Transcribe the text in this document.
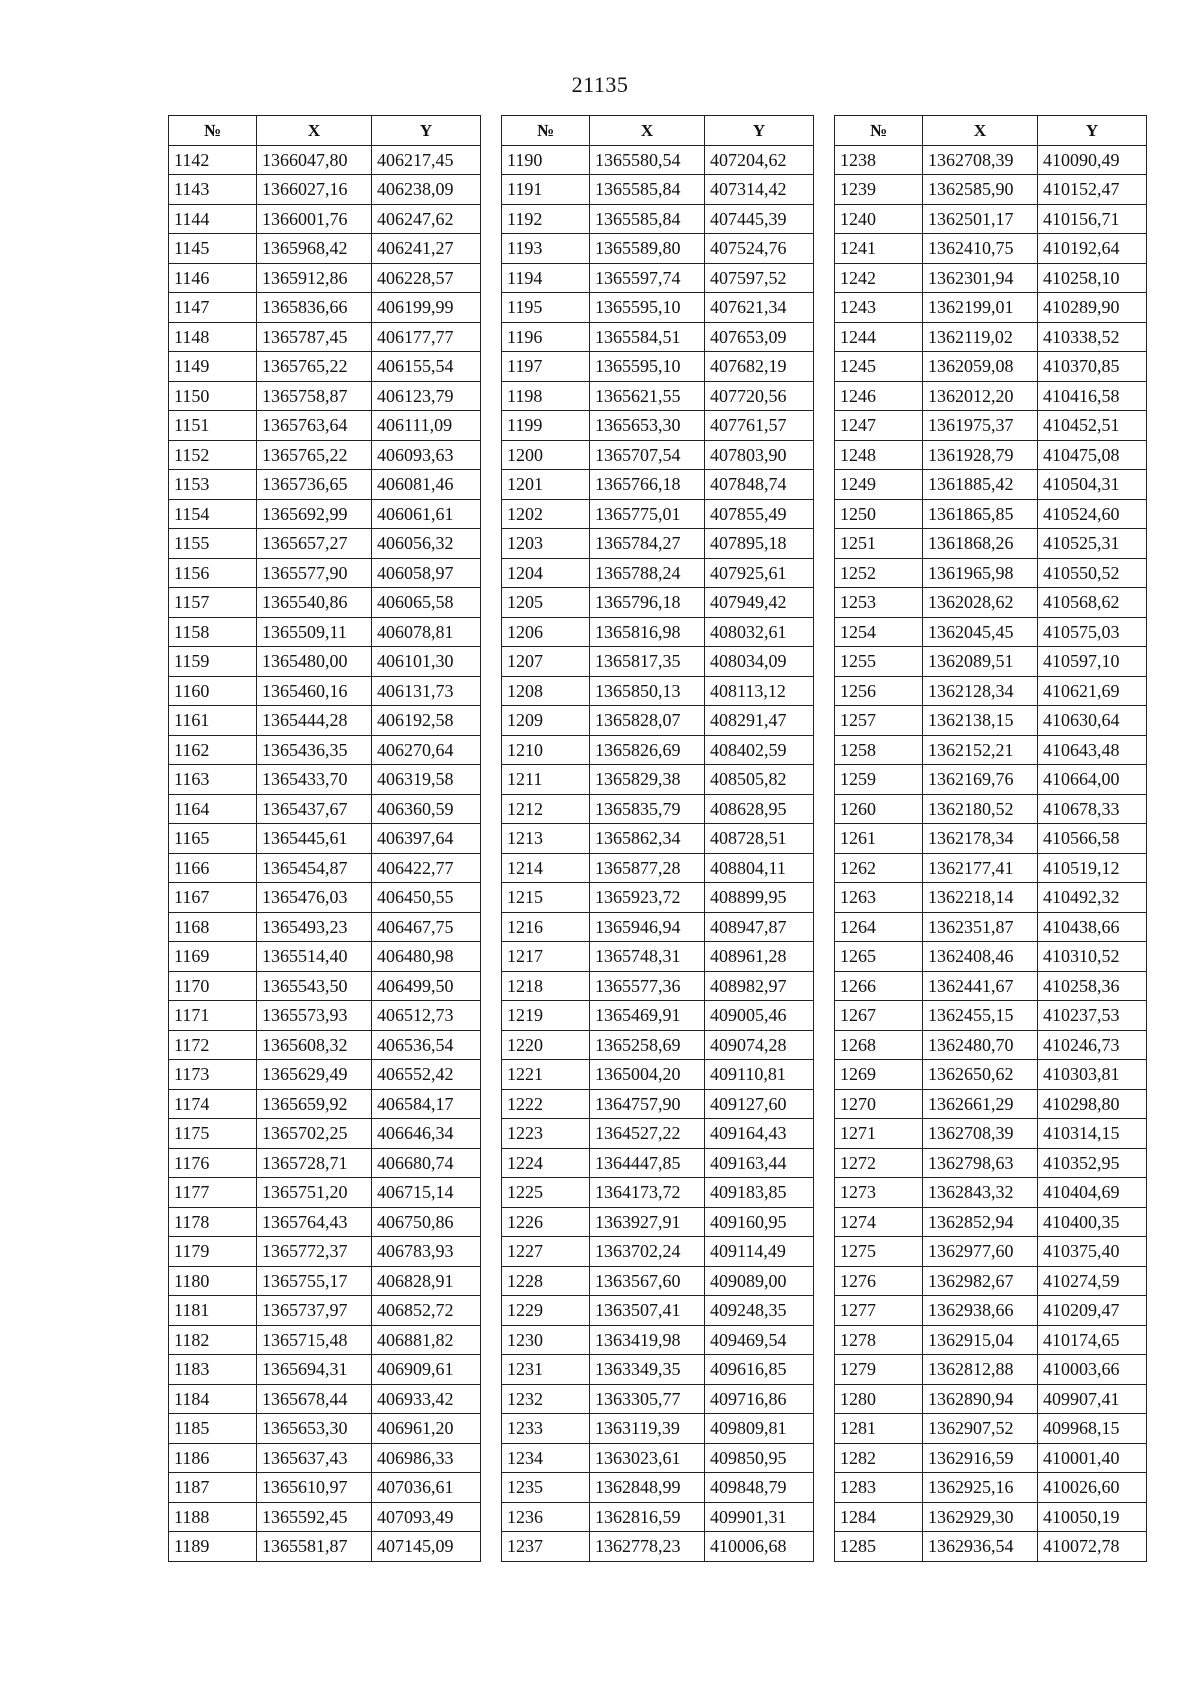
21135
№	X	Y
1142	1366047,80	406217,45
1143	1366027,16	406238,09
1144	1366001,76	406247,62
1145	1365968,42	406241,27
1146	1365912,86	406228,57
1147	1365836,66	406199,99
1148	1365787,45	406177,77
1149	1365765,22	406155,54
1150	1365758,87	406123,79
1151	1365763,64	406111,09
1152	1365765,22	406093,63
1153	1365736,65	406081,46
1154	1365692,99	406061,61
1155	1365657,27	406056,32
1156	1365577,90	406058,97
1157	1365540,86	406065,58
1158	1365509,11	406078,81
1159	1365480,00	406101,30
1160	1365460,16	406131,73
1161	1365444,28	406192,58
1162	1365436,35	406270,64
1163	1365433,70	406319,58
1164	1365437,67	406360,59
1165	1365445,61	406397,64
1166	1365454,87	406422,77
1167	1365476,03	406450,55
1168	1365493,23	406467,75
1169	1365514,40	406480,98
1170	1365543,50	406499,50
1171	1365573,93	406512,73
1172	1365608,32	406536,54
1173	1365629,49	406552,42
1174	1365659,92	406584,17
1175	1365702,25	406646,34
1176	1365728,71	406680,74
1177	1365751,20	406715,14
1178	1365764,43	406750,86
1179	1365772,37	406783,93
1180	1365755,17	406828,91
1181	1365737,97	406852,72
1182	1365715,48	406881,82
1183	1365694,31	406909,61
1184	1365678,44	406933,42
1185	1365653,30	406961,20
1186	1365637,43	406986,33
1187	1365610,97	407036,61
1188	1365592,45	407093,49
1189	1365581,87	407145,09
№	X	Y
1190	1365580,54	407204,62
1191	1365585,84	407314,42
1192	1365585,84	407445,39
1193	1365589,80	407524,76
1194	1365597,74	407597,52
1195	1365595,10	407621,34
1196	1365584,51	407653,09
1197	1365595,10	407682,19
1198	1365621,55	407720,56
1199	1365653,30	407761,57
1200	1365707,54	407803,90
1201	1365766,18	407848,74
1202	1365775,01	407855,49
1203	1365784,27	407895,18
1204	1365788,24	407925,61
1205	1365796,18	407949,42
1206	1365816,98	408032,61
1207	1365817,35	408034,09
1208	1365850,13	408113,12
1209	1365828,07	408291,47
1210	1365826,69	408402,59
1211	1365829,38	408505,82
1212	1365835,79	408628,95
1213	1365862,34	408728,51
1214	1365877,28	408804,11
1215	1365923,72	408899,95
1216	1365946,94	408947,87
1217	1365748,31	408961,28
1218	1365577,36	408982,97
1219	1365469,91	409005,46
1220	1365258,69	409074,28
1221	1365004,20	409110,81
1222	1364757,90	409127,60
1223	1364527,22	409164,43
1224	1364447,85	409163,44
1225	1364173,72	409183,85
1226	1363927,91	409160,95
1227	1363702,24	409114,49
1228	1363567,60	409089,00
1229	1363507,41	409248,35
1230	1363419,98	409469,54
1231	1363349,35	409616,85
1232	1363305,77	409716,86
1233	1363119,39	409809,81
1234	1363023,61	409850,95
1235	1362848,99	409848,79
1236	1362816,59	409901,31
1237	1362778,23	410006,68
№	X	Y
1238	1362708,39	410090,49
1239	1362585,90	410152,47
1240	1362501,17	410156,71
1241	1362410,75	410192,64
1242	1362301,94	410258,10
1243	1362199,01	410289,90
1244	1362119,02	410338,52
1245	1362059,08	410370,85
1246	1362012,20	410416,58
1247	1361975,37	410452,51
1248	1361928,79	410475,08
1249	1361885,42	410504,31
1250	1361865,85	410524,60
1251	1361868,26	410525,31
1252	1361965,98	410550,52
1253	1362028,62	410568,62
1254	1362045,45	410575,03
1255	1362089,51	410597,10
1256	1362128,34	410621,69
1257	1362138,15	410630,64
1258	1362152,21	410643,48
1259	1362169,76	410664,00
1260	1362180,52	410678,33
1261	1362178,34	410566,58
1262	1362177,41	410519,12
1263	1362218,14	410492,32
1264	1362351,87	410438,66
1265	1362408,46	410310,52
1266	1362441,67	410258,36
1267	1362455,15	410237,53
1268	1362480,70	410246,73
1269	1362650,62	410303,81
1270	1362661,29	410298,80
1271	1362708,39	410314,15
1272	1362798,63	410352,95
1273	1362843,32	410404,69
1274	1362852,94	410400,35
1275	1362977,60	410375,40
1276	1362982,67	410274,59
1277	1362938,66	410209,47
1278	1362915,04	410174,65
1279	1362812,88	410003,66
1280	1362890,94	409907,41
1281	1362907,52	409968,15
1282	1362916,59	410001,40
1283	1362925,16	410026,60
1284	1362929,30	410050,19
1285	1362936,54	410072,78
